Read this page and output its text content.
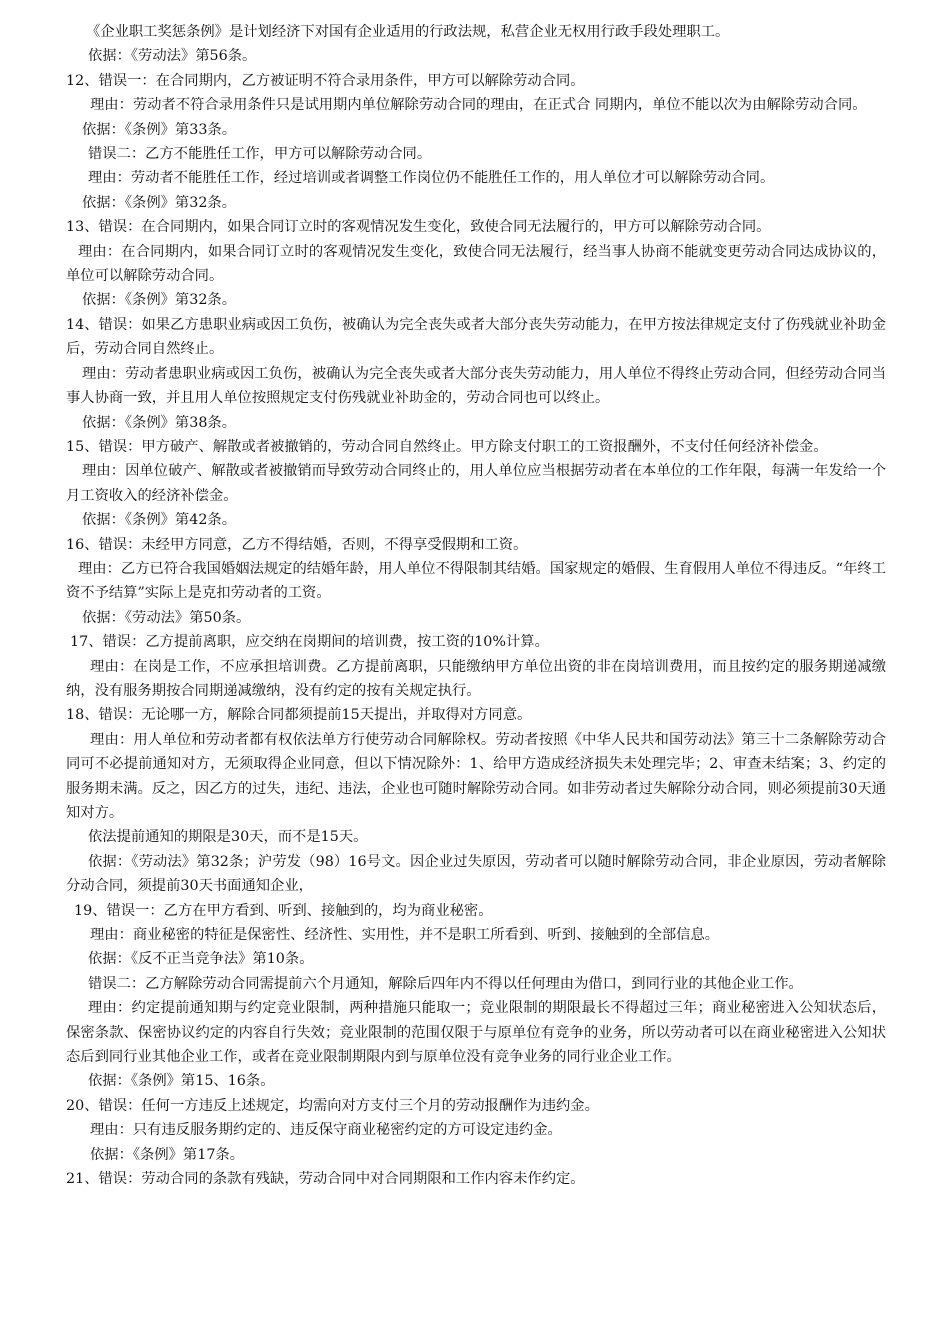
《企业职工奖惩条例》是计划经济下对国有企业适用的行政法规，私营企业无权用行政手段处理职工。

依据：《劳动法》第56条。

12、错误一：在合同期内，乙方被证明不符合录用条件，甲方可以解除劳动合同。

理由：劳动者不符合录用条件只是试用期内单位解除劳动合同的理由，在正式合 同期内，单位不能以次为由解除劳动合同。

依据：《条例》第33条。

错误二：乙方不能胜任工作，甲方可以解除劳动合同。

理由：劳动者不能胜任工作，经过培训或者调整工作岗位仍不能胜任工作的，用人单位才可以解除劳动合同。

依据：《条例》第32条。

13、错误：在合同期内，如果合同订立时的客观情况发生变化，致使合同无法履行的，甲方可以解除劳动合同。

理由：在合同期内，如果合同订立时的客观情况发生变化，致使合同无法履行，经当事人协商不能就变更劳动合同达成协议的，单位可以解除劳动合同。

依据：《条例》第32条。

14、错误：如果乙方患职业病或因工负伤，被确认为完全丧失或者大部分丧失劳动能力，在甲方按法律规定支付了伤残就业补助金后，劳动合同自然终止。

理由：劳动者患职业病或因工负伤，被确认为完全丧失或者大部分丧失劳动能力，用人单位不得终止劳动合同，但经劳动合同当事人协商一致，并且用人单位按照规定支付伤残就业补助金的，劳动合同也可以终止。

依据：《条例》第38条。

15、错误：甲方破产、解散或者被撤销的，劳动合同自然终止。甲方除支付职工的工资报酬外，不支付任何经济补偿金。

理由：因单位破产、解散或者被撤销而导致劳动合同终止的，用人单位应当根据劳动者在本单位的工作年限，每满一年发给一个月工资收入的经济补偿金。

依据：《条例》第42条。

16、错误：未经甲方同意，乙方不得结婚，否则，不得享受假期和工资。

理由：乙方已符合我国婚姻法规定的结婚年龄，用人单位不得限制其结婚。国家规定的婚假、生育假用人单位不得违反。“年终工资不予结算”实际上是克扣劳动者的工资。

依据：《劳动法》第50条。

17、错误：乙方提前离职，应交纳在岗期间的培训费，按工资的10%计算。

理由：在岗是工作，不应承担培训费。乙方提前离职，只能缴纳甲方单位出资的非在岗培训费用，而且按约定的服务期递减缴纳，没有服务期按合同期递减缴纳，没有约定的按有关规定执行。

18、错误：无论哪一方，解除合同都须提前15天提出，并取得对方同意。

理由：用人单位和劳动者都有权依法单方行使劳动合同解除权。劳动者按照《中华人民共和国劳动法》第三十二条解除劳动合同可不必提前通知对方，无须取得企业同意，但以下情况除外：1、给甲方造成经济损失未处理完毕；2、审查未结案；3、约定的服务期未满。反之，因乙方的过失，违纪、违法，企业也可随时解除劳动合同。如非劳动者过失解除分动合同，则必须提前30天通知对方。

依法提前通知的期限是30天，而不是15天。

依据：《劳动法》第32条；沪劳发（98）16号文。因企业过失原因，劳动者可以随时解除劳动合同，非企业原因，劳动者解除分动合同，须提前30天书面通知企业，

19、错误一：乙方在甲方看到、听到、接触到的，均为商业秘密。

理由：商业秘密的特征是保密性、经济性、实用性，并不是职工所看到、听到、接触到的全部信息。

依据：《反不正当竞争法》第10条。

错误二：乙方解除劳动合同需提前六个月通知，解除后四年内不得以任何理由为借口，到同行业的其他企业工作。

理由：约定提前通知期与约定竞业限制，两种措施只能取一；竞业限制的期限最长不得超过三年；商业秘密进入公知状态后，保密条款、保密协议约定的内容自行失效；竞业限制的范围仅限于与原单位有竞争的业务，所以劳动者可以在商业秘密进入公知状态后到同行业其他企业工作，或者在竞业限制期限内到与原单位没有竞争业务的同行业企业工作。

依据：《条例》第15、16条。

20、错误：任何一方违反上述规定，均需向对方支付三个月的劳动报酬作为违约金。

理由：只有违反服务期约定的、违反保守商业秘密约定的方可设定违约金。

依据：《条例》第17条。

21、错误：劳动合同的条款有残缺，劳动合同中对合同期限和工作内容未作约定。
